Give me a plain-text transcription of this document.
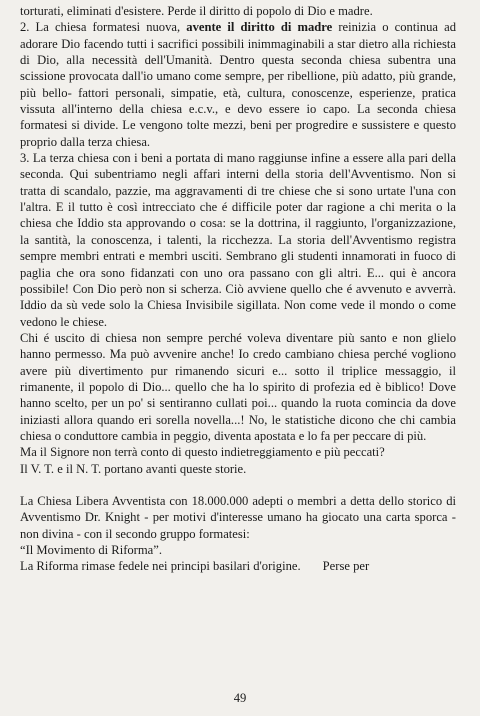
torturati, eliminati d'esistere. Perde il diritto di popolo di Dio e madre.

2. La chiesa formatesi nuova, avente il diritto di madre reinizia o continua ad adorare Dio facendo tutti i sacrifici possibili inimmaginabili a star dietro alla richiesta di Dio, alla necessità dell'Umanità. Dentro questa seconda chiesa subentra una scissione provocata dall'io umano come sempre, per ribellione, più adatto, più grande, più bello- fattori personali, simpatie, età, cultura, conoscenze, esperienze, pratica vissuta all'interno della chiesa e.c.v., e devo essere io capo. La seconda chiesa formatesi si divide. Le vengono tolte mezzi, beni per progredire e sussistere e questo proprio dalla terza chiesa.

3. La terza chiesa con i beni a portata di mano raggiunse infine a essere alla pari della seconda. Qui subentriamo negli affari interni della storia dell'Avventismo. Non si tratta di scandalo, pazzie, ma aggravamenti di tre chiese che si sono urtate l'una con l'altra. E il tutto è così intrecciato che é difficile poter dar ragione a chi merita o la chiesa che Iddio sta approvando o cosa: se la dottrina, il raggiunto, l'organizzazione, la santità, la conoscenza, i talenti, la ricchezza. La storia dell'Avventismo registra sempre membri entrati e membri usciti. Sembrano gli studenti innamorati in fuoco di paglia che ora sono fidanzati con uno ora passano con gli altri. E... qui è ancora possibile! Con Dio però non si scherza. Ciò avviene quello che é avvenuto e avverrà. Iddio da sù vede solo la Chiesa Invisibile sigillata. Non come vede il mondo o come vedono le chiese.

Chi é uscito di chiesa non sempre perché voleva diventare più santo e non glielo hanno permesso. Ma può avvenire anche! Io credo cambiano chiesa perché vogliono avere più divertimento pur rimanendo sicuri e... sotto il triplice messaggio, il rimanente, il popolo di Dio... quello che ha lo spirito di profezia ed è biblico! Dove hanno scelto, per un po' si sentiranno cullati poi... quando la ruota comincia da dove iniziasti allora quando eri sorella novella...! No, le statistiche dicono che chi cambia chiesa o conduttore cambia in peggio, diventa apostata e lo fa per peccare di più.

Ma il Signore non terrà conto di questo indietreggiamento e più peccati?

Il V. T. e il N. T. portano avanti queste storie.

La Chiesa Libera Avventista con 18.000.000 adepti o membri a detta dello storico di Avventismo Dr. Knight - per motivi d'interesse umano ha giocato una carta sporca - non divina - con il secondo gruppo formatesi:

“Il Movimento di Riforma”.

La Riforma rimase fedele nei principi basilari d'origine.       Perse per

49
